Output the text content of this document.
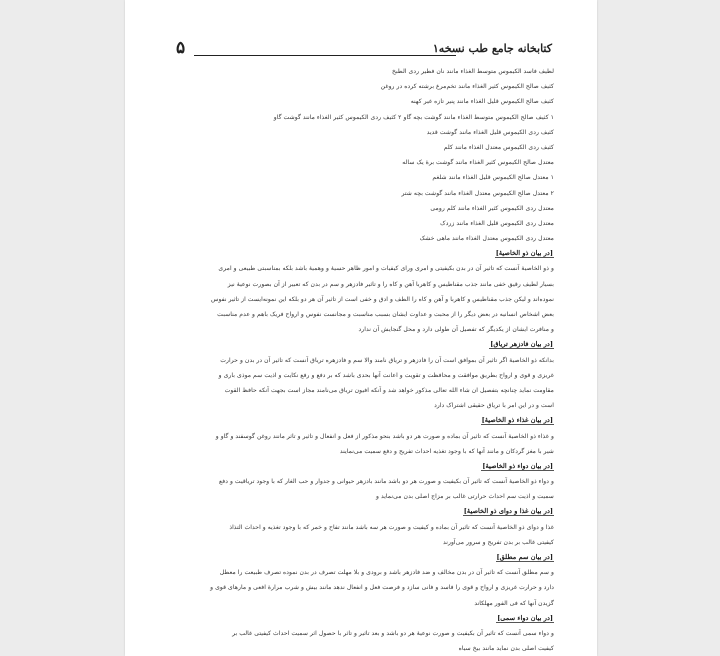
کتابخانه جامع طب نسخه۱
۵
لطیف فاسد الکیموس متوسط الغذاء مانند نان فطیر ردی الطبخ
کثیف صالح الکیموس کثیر الغذاء مانند تخم‌مرغ برشته کرده در روغن
کثیف صالح الکیموس قلیل الغذاء مانند پنیر تازه غیر کهنه
۱ کثیف صالح الکیموس متوسط الغذاء مانند گوشت بچه گاو ۲ کثیف ردی الکیموس کثیر الغذاء مانند گوشت گاو
کثیف ردی الکیموس قلیل الغذاء مانند گوشت قدید
کثیف ردی الکیموس معتدل الغذاء مانند کلم
معتدل صالح الکیموس کثیر الغذاء مانند گوشت برهٔ یک ساله
۱ معتدل صالح الکیموس قلیل الغذاء مانند شلغم
۲ معتدل صالح الکیموس معتدل الغذاء مانند گوشت بچه شتر
معتدل ردی الکیموس کثیر الغذاء مانند کلم رومی
معتدل ردی الکیموس قلیل الغذاء مانند زردک
معتدل ردی الکیموس معتدل الغذاء مانند ماهی خشک
[در بیان ذو الخاصیهٔ]
و ذو الخاصیهٔ آنست که تاثیر آن در بدن بکیفیتی و امری ورای کیفیات و امور ظاهر حسیهٔ و وهمیهٔ باشد بلکه بمناسبتی طبیعی و امری
بسیار لطیف رقیق خفی مانند جذب مقناطیس و کاهربا آهن و کاه را و تاثیر فادزهر و سم در بدن که تعبیر از آن بصورت نوعیهٔ نیز
نموده‌اند و لیکن جذب مقناطیس و کاهربا و آهن و کاه را الطف و ادق و خفی است از تاثیر آن هر دو بلکه این نمونه‌ایست از تاثیر نفوس
بعض اشخاص انسانیه در بعض دیگر را از محبت و عداوت ایشان بسبب مناسبت و مجانست نفوس و ارواح فریک باهم و عدم مناسبت
و منافرت ایشان از یکدیگر که تفصیل آن طولی دارد و محل گنجایش آن ندارد
[در بیان فادزهر تریاق]
بدانکه ذو الخاصیهٔ اگر تاثیر آن بموافق است آن را فادزهر و تریاق نامند والا سم و فادزهره تریاق آنست که تاثیر آن در بدن و حرارت
غریزی و قوی و ارواح بطریق موافقت و محافظت و تقویت و اعانت آنها بحدی باشد که بر دفع و رفع نکایت و اذیت سم موذی باری و
مقاومت نماید چنانچه بتفصیل ان شاء الله تعالی مذکور خواهد شد و آنکه افیون تریاق می‌نامند مجاز است بجهت آنکه حافظ القوت
است و در این امر با تریاق حقیقی اشتراک دارد
[در بیان غذاء ذو الخاصیهٔ]
و غذاء ذو الخاصیهٔ آنست که تاثیر آن بماده و صورت هر دو باشد بنحو مذکور از فعل و انفعال و تاثیر و تاثر مانند روغن گوسفند و گاو و
شیر با مغز گردکان و مانند آنها که با وجود تغذیه احداث تفریح و دفع سمیت می‌نمایند
[در بیان دواء ذو الخاصیهٔ]
و دواء ذو الخاصیهٔ آنست که تاثیر آن بکیفیت و صورت هر دو باشد مانند بادزهر حیوانی و جدوار و حب الغار که با وجود تریاقیت و دفع
سمیت و اذیت سم احداث حرارتی غالب بر مزاج اصلی بدن می‌نماید و
[در بیان غذا و دوای ذو الخاصیهٔ]
غذا و دوای ذو الخاصیهٔ آنست که تاثیر آن بماده و کیفیت و صورت هر سه باشد مانند تفاح و خمر که با وجود تغذیه و احداث التذاذ
کیفیتی غالب بر بدن تفریح و سرور می‌آورند
[در بیان سم مطلق]
و سم مطلق آنست که تاثیر آن در بدن مخالف و ضد فادزهر باشد و برودی و بلا مهلت تصرف در بدن نموده تصرف طبیعت را معطل
دارد و حرارت غریزی و ارواح و قوی را فاسد و فانی سازد و فرصت فعل و انفعال ندهد مانند بیش و شرب مرارهٔ افعی و مارهای قوی و
گزیدن آنها که فی الفور مهلکاند
[در بیان دواء سمی]
و دواء سمی آنست که تاثیر آن بکیفیت و صورت نوعیهٔ هر دو باشد و بعد تاثیر و تاثر با حصول اثر سمیت احداث کیفیتی غالب بر
کیفیت اصلی بدن نماید مانند بیخ سیاه
